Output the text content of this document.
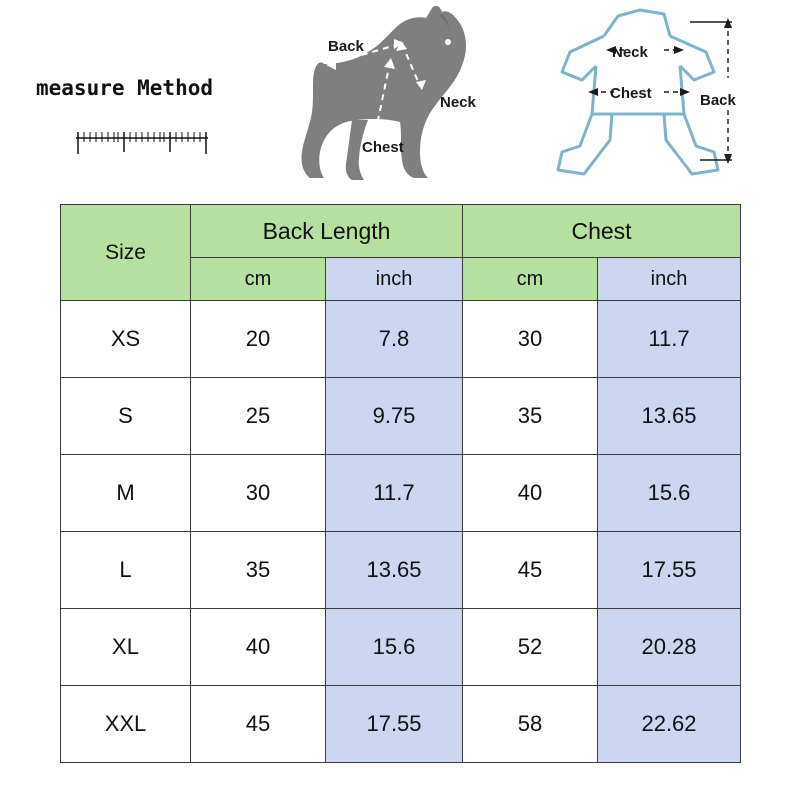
measure Method
Back
Neck
Chest
Neck
Chest	Back
Size	Back Length		Chest	
	cm	inch	cm	inch
XS	20	7.8	30	11.7
S	25	9.75	35	13.65
M	30	11.7	40	15.6
L	35	13.65	45	17.55
XL	40	15.6	52	20.28
XXL	45	17.55	58	22.62
